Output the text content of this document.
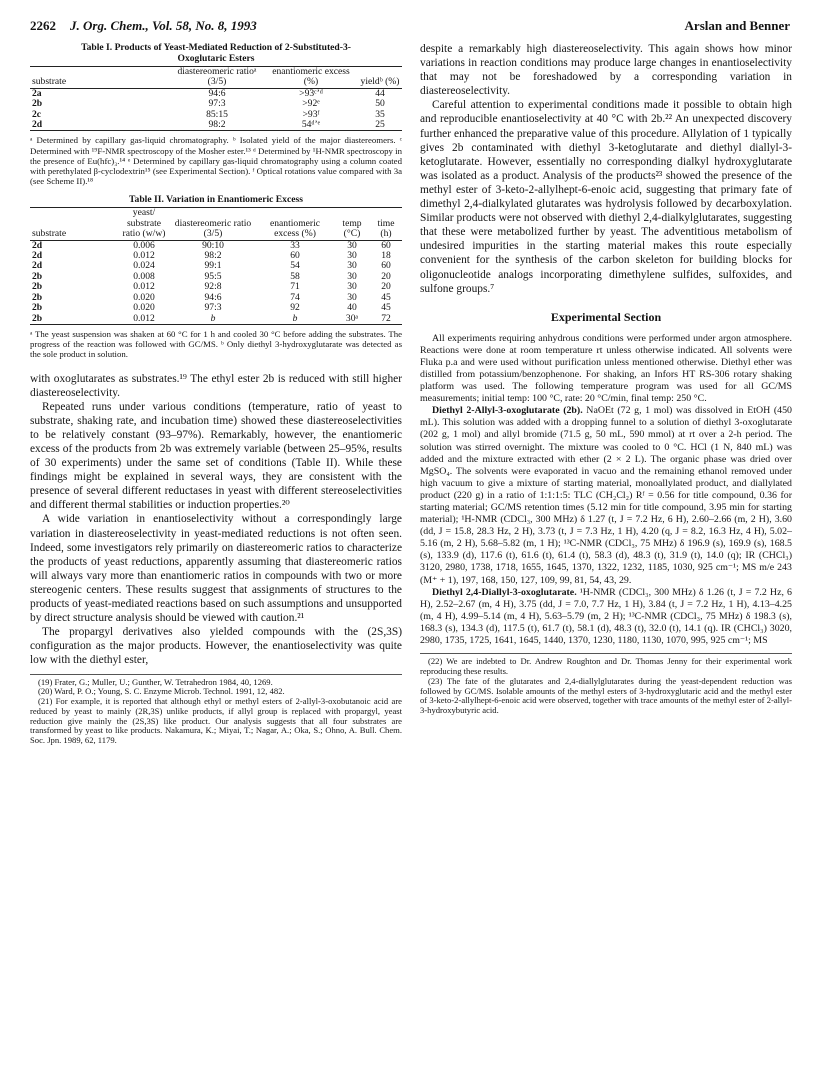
2262 J. Org. Chem., Vol. 58, No. 8, 1993	Arslan and Benner
Table I. Products of Yeast-Mediated Reduction of 2-Substituted-3-Oxoglutaric Esters
substrate	diastereomeric ratioᵃ (3/5)	enantiomeric excess (%)	yieldᵇ (%)
2a	94:6	>93ᶜʼᵈ	44
2b	97:3	>92ᵉ	50
2c	85:15	>93ᶠ	35
2d	98:2	54ᵈʼᵉ	25
ᵃ Determined by capillary gas-liquid chromatography. ᵇ Isolated yield of the major diastereomers. ᶜ Determined with ¹⁹F-NMR spectroscopy of the Mosher ester.¹³ ᵈ Determined by ¹H-NMR spectroscopy in the presence of Eu(hfc)₃.¹⁴ ᵉ Determined by capillary gas-liquid chromatography using a column coated with perethylated β-cyclodextrin¹⁵ (see Experimental Section). ᶠ Optical rotations value compared with 3a (see Scheme II).¹⁸
Table II. Variation in Enantiomeric Excess
substrate	yeast/ substrate ratio (w/w)	diastereomeric ratio (3/5)	enantiomeric excess (%)	temp (°C)	time (h)
2d	0.006	90:10	33	30	60
2d	0.012	98:2	60	30	18
2d	0.024	99:1	54	30	60
2b	0.008	95:5	58	30	20
2b	0.012	92:8	71	30	20
2b	0.020	94:6	74	30	45
2b	0.020	97:3	92	40	45
2b	0.012	b	b	30ᵃ	72
ᵃ The yeast suspension was shaken at 60 °C for 1 h and cooled 30 °C before adding the substrates. The progress of the reaction was followed with GC/MS. ᵇ Only diethyl 3-hydroxyglutarate was detected as the sole product in solution.

with oxoglutarates as substrates.¹⁹ The ethyl ester 2b is reduced with still higher diastereoselectivity.

Repeated runs under various conditions (temperature, ratio of yeast to substrate, shaking rate, and incubation time) showed these diastereoselectivities to be relatively constant (93–97%). Remarkably, however, the enantiomeric excess of the products from 2b was extremely variable (between 25–95%, results of 30 experiments) under the same set of conditions (Table II). While these findings might be explained in several ways, they are consistent with the presence of several different reductases in yeast with different stereoselectivities and different thermal stabilities or induction properties.²⁰

A wide variation in enantioselectivity without a correspondingly large variation in diastereoselectivity in yeast-mediated reductions is not often seen. Indeed, some investigators rely primarily on diastereomeric ratios to characterize the products of yeast reductions, apparently assuming that diastereomeric ratios will always vary more than enantiomeric ratios in compounds with two or more stereogenic centers. These results suggest that assignments of structures to the products of yeast-mediated reactions based on such assumptions and unsupported by direct structure analysis should be viewed with caution.²¹

The propargyl derivatives also yielded compounds with the (2S,3S) configuration as the major products. However, the enantioselectivity was quite low with the diethyl ester,

(19) Frater, G.; Muller, U.; Gunther, W. Tetrahedron 1984, 40, 1269.

(20) Ward, P. O.; Young, S. C. Enzyme Microb. Technol. 1991, 12, 482.

(21) For example, it is reported that although ethyl or methyl esters of 2-allyl-3-oxobutanoic acid are reduced by yeast to mainly (2R,3S) unlike products, if allyl group is replaced with propargyl, yeast reduction give mainly the (2S,3S) like product. Our analysis suggests that all four substrates are transformed by yeast to like products. Nakamura, K.; Miyai, T.; Nagar, A.; Oka, S.; Ohno, A. Bull. Chem. Soc. Jpn. 1989, 62, 1179.

despite a remarkably high diastereoselectivity. This again shows how minor variations in reaction conditions may produce large changes in enantioselectivity that may not be foreshadowed by a corresponding variation in diastereoselectivity.

Careful attention to experimental conditions made it possible to obtain high and reproducible enantioselectivity at 40 °C with 2b.²² An unexpected discovery further enhanced the preparative value of this procedure. Allylation of 1 typically gives 2b contaminated with diethyl 3-ketoglutarate and diethyl diallyl-3-ketoglutarate. However, essentially no corresponding dialkyl hydroxyglutarate was isolated as a product. Analysis of the products²³ showed the presence of the methyl ester of 3-keto-2-allylhept-6-enoic acid, suggesting that primary fate of dimethyl 2,4-dialkylated glutarates was hydrolysis followed by decarboxylation. Similar products were not observed with diethyl 2,4-dialkylglutarates, suggesting that these were metabolized further by yeast. The adventitious metabolism of undesired impurities in the starting material makes this route especially convenient for the synthesis of the carbon skeleton for building blocks for oligonucleotide analogs incorporating dimethylene sulfides, sulfoxides, and sulfone groups.⁷

Experimental Section

All experiments requiring anhydrous conditions were performed under argon atmosphere. Reactions were done at room temperature rt unless otherwise indicated. All solvents were Fluka p.a and were used without purification unless mentioned otherwise. Diethyl ether was distilled from potassium/benzophenone. For shaking, an Infors HT RS-306 rotary shaking platform was used. The following temperature program was used for all GC/MS measurements; initial temp: 100 °C, rate: 20 °C/min, final temp: 250 °C.

Diethyl 2-Allyl-3-oxoglutarate (2b). NaOEt (72 g, 1 mol) was dissolved in EtOH (450 mL). This solution was added with a dropping funnel to a solution of diethyl 3-oxoglutarate (202 g, 1 mol) and allyl bromide (71.5 g, 50 mL, 590 mmol) at rt over a 2-h period. The solution was stirred overnight. The mixture was cooled to 0 °C. HCl (1 N, 840 mL) was added and the mixture extracted with ether (2 × 2 L). The organic phase was dried over MgSO₄. The solvents were evaporated in vacuo and the remaining ethanol removed under high vacuum to give a mixture of starting material, monoallylated product, and diallylated product (220 g) in a ratio of 1:1:1:5: TLC (CH₂Cl₂) Rᶠ = 0.56 for title compound, 0.36 for starting material; GC/MS retention times (5.12 min for title compound, 3.95 min for starting material); ¹H-NMR (CDCl₃, 300 MHz) δ 1.27 (t, J = 7.2 Hz, 6 H), 2.60–2.66 (m, 2 H), 3.60 (dd, J = 15.8, 28.3 Hz, 2 H), 3.73 (t, J = 7.3 Hz, 1 H), 4.20 (q, J = 8.2, 16.3 Hz, 4 H), 5.02–5.16 (m, 2 H), 5.68–5.82 (m, 1 H); ¹³C-NMR (CDCl₃, 75 MHz) δ 196.9 (s), 169.9 (s), 168.5 (s), 133.9 (d), 117.6 (t), 61.6 (t), 61.4 (t), 58.3 (d), 48.3 (t), 31.9 (t), 14.0 (q); IR (CHCl₃) 3120, 2980, 1738, 1718, 1655, 1645, 1370, 1322, 1232, 1185, 1030, 925 cm⁻¹; MS m/e 243 (M⁺ + 1), 197, 168, 150, 127, 109, 99, 81, 54, 43, 29.

Diethyl 2,4-Diallyl-3-oxoglutarate. ¹H-NMR (CDCl₃, 300 MHz) δ 1.26 (t, J = 7.2 Hz, 6 H), 2.52–2.67 (m, 4 H), 3.75 (dd, J = 7.0, 7.7 Hz, 1 H), 3.84 (t, J = 7.2 Hz, 1 H), 4.13–4.25 (m, 4 H), 4.99–5.14 (m, 4 H), 5.63–5.79 (m, 2 H); ¹³C-NMR (CDCl₃, 75 MHz) δ 198.3 (s), 168.3 (s), 134.3 (d), 117.5 (t), 61.7 (t), 58.1 (d), 48.3 (t), 32.0 (t), 14.1 (q). IR (CHCl₃) 3020, 2980, 1735, 1725, 1641, 1645, 1440, 1370, 1230, 1180, 1130, 1070, 995, 925 cm⁻¹; MS

(22) We are indebted to Dr. Andrew Roughton and Dr. Thomas Jenny for their experimental work reproducing these results.

(23) The fate of the glutarates and 2,4-diallylglutarates during the yeast-dependent reduction was followed by GC/MS. Isolable amounts of the methyl esters of 3-hydroxyglutaric acid and the methyl ester of 3-keto-2-allylhept-6-enoic acid were observed, together with trace amounts of the methyl ester of 2-allyl-3-hydroxybutyric acid.
